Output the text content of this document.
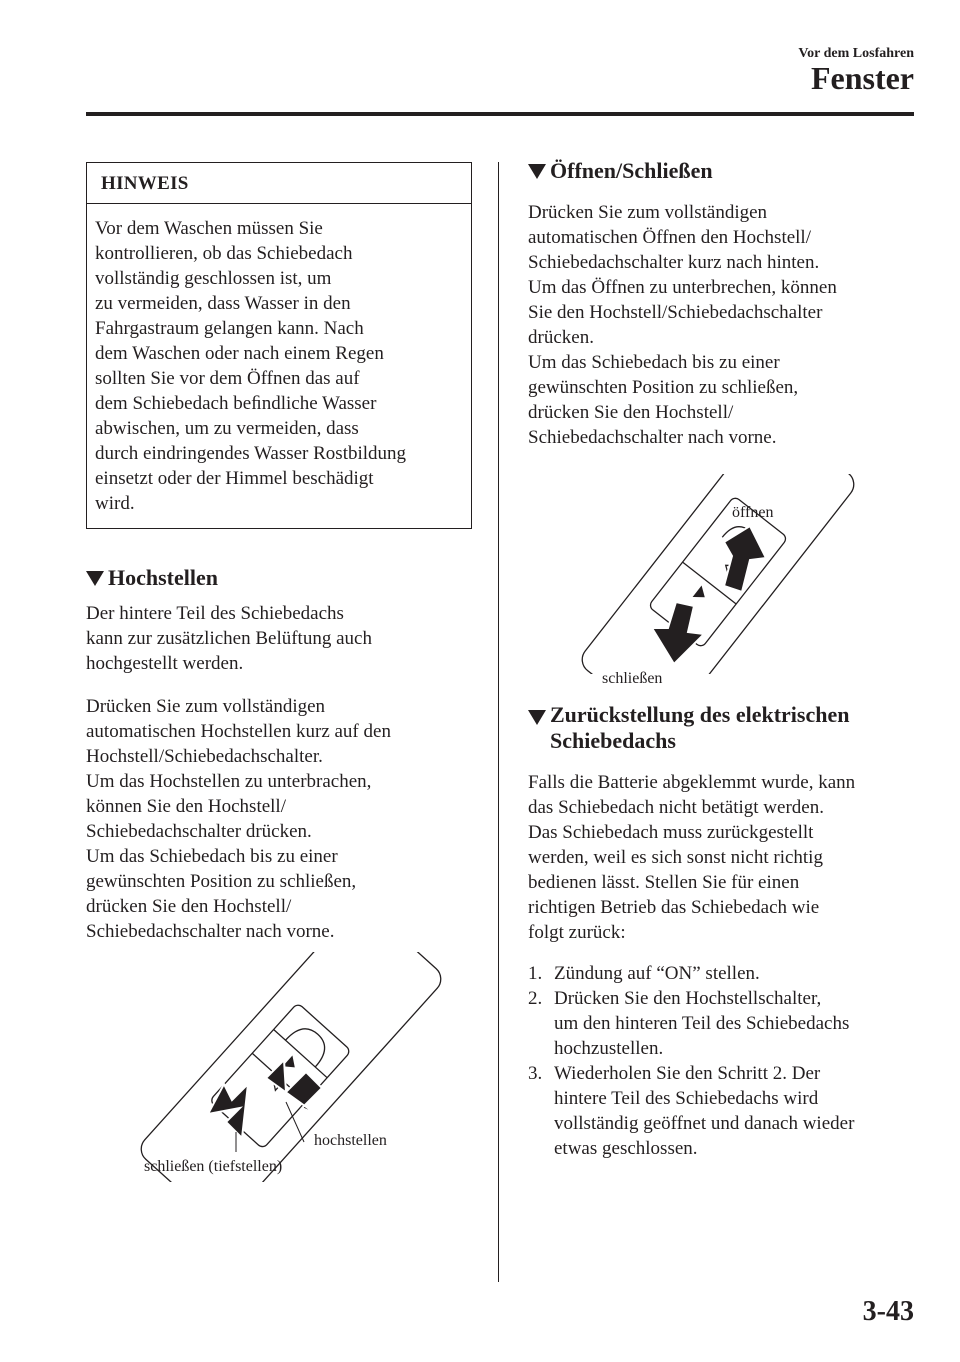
Vor dem Losfahren
Fenster
HINWEIS
Vor dem Waschen müssen Sie
kontrollieren, ob das Schiebedach
vollständig geschlossen ist, um
zu vermeiden, dass Wasser in den
Fahrgastraum gelangen kann. Nach
dem Waschen oder nach einem Regen
sollten Sie vor dem Öffnen das auf
dem Schiebedach beﬁndliche Wasser
abwischen, um zu vermeiden, dass
durch eindringendes Wasser Rostbildung
einsetzt oder der Himmel beschädigt
wird.
Hochstellen

Der hintere Teil des Schiebedachs
kann zur zusätzlichen Belüftung auch
hochgestellt werden.

Drücken Sie zum vollständigen
automatischen Hochstellen kurz auf den
Hochstell/Schiebedachschalter.
Um das Hochstellen zu unterbrachen,
können Sie den Hochstell/
Schiebedachschalter drücken.
Um das Schiebedach bis zu einer
gewünschten Position zu schließen,
drücken Sie den Hochstell/
Schiebedachschalter nach vorne.

hochstellen
schließen (tiefstellen)
Öffnen/Schließen

Drücken Sie zum vollständigen
automatischen Öffnen den Hochstell/
Schiebedachschalter kurz nach hinten.
Um das Öffnen zu unterbrechen, können
Sie den Hochstell/Schiebedachschalter
drücken.
Um das Schiebedach bis zu einer
gewünschten Position zu schließen,
drücken Sie den Hochstell/
Schiebedachschalter nach vorne.

öffnen
schließen
Zurückstellung des elektrischen
Schiebedachs

Falls die Batterie abgeklemmt wurde, kann
das Schiebedach nicht betätigt werden.
Das Schiebedach muss zurückgestellt
werden, weil es sich sonst nicht richtig
bedienen lässt. Stellen Sie für einen
richtigen Betrieb das Schiebedach wie
folgt zurück:

1. Zündung auf “ON” stellen.
2. Drücken Sie den Hochstellschalter,
um den hinteren Teil des Schiebedachs
hochzustellen.
3. Wiederholen Sie den Schritt 2. Der
hintere Teil des Schiebedachs wird
vollständig geöffnet und danach wieder
etwas geschlossen.
3-43
